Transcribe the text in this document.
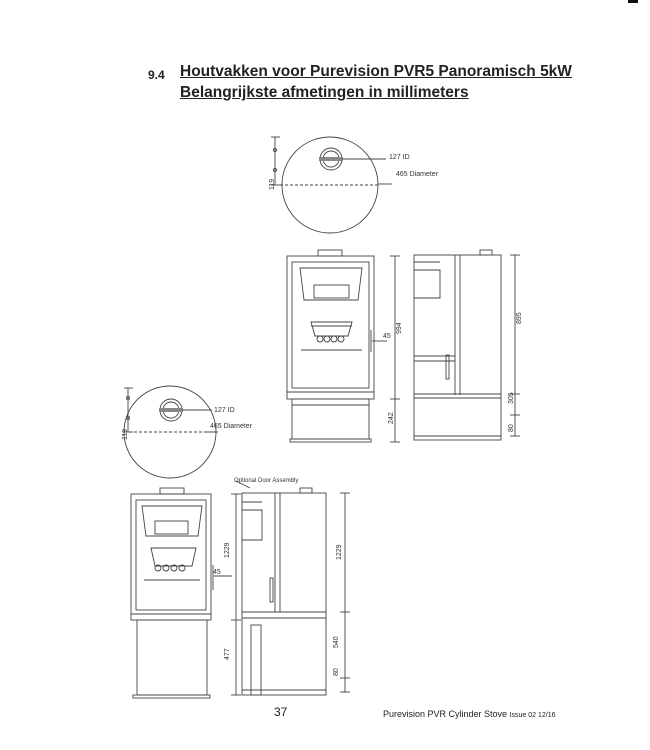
9.4 Houtvakken voor Purevision PVR5 Panoramisch 5kW
Belangrijkste afmetingen in millimeters
127 ID
465 Diameter
119
127 ID
465 Diameter
119
994
45
242
895
305
80
Optional Door Assembly
1229
45
477
1229
540
80
37	Purevision PVR Cylinder Stove Issue 02 12/16
